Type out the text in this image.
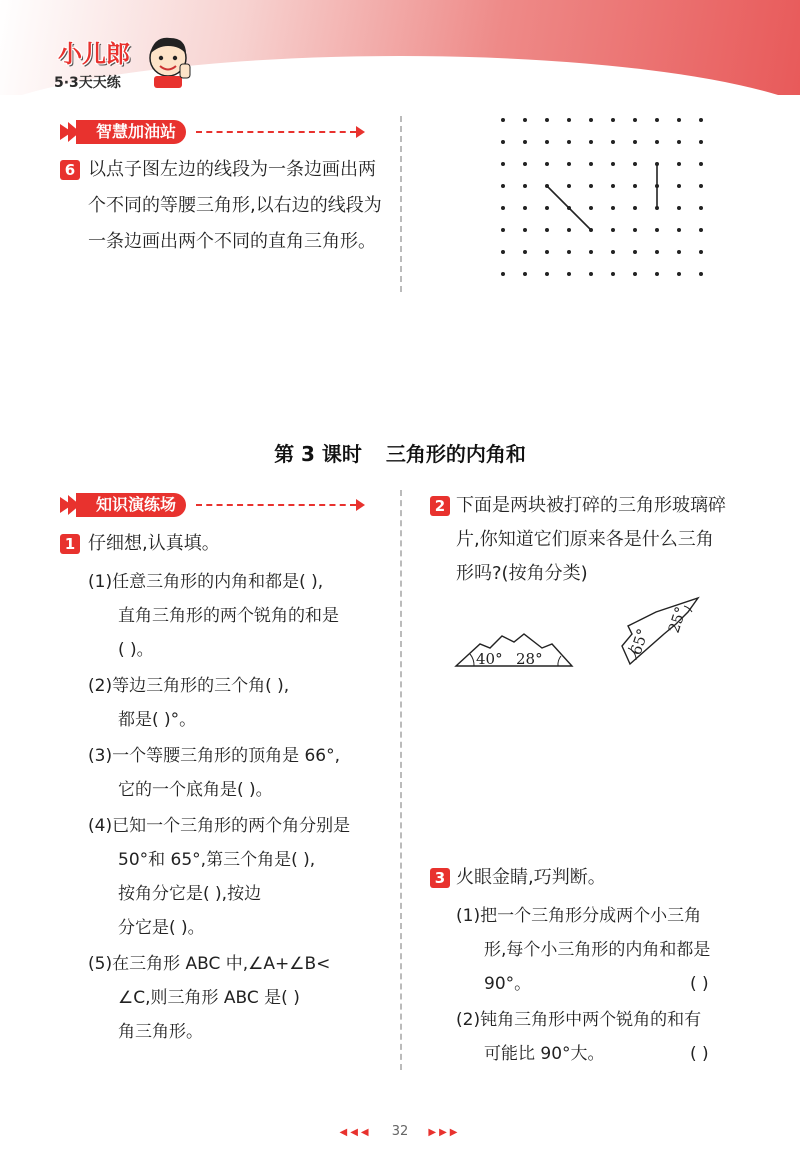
小儿郎
5·3天天练
智慧加油站
6 以点子图左边的线段为一条边画出两个不同的等腰三角形,以右边的线段为一条边画出两个不同的直角三角形。
第 3 课时 三角形的内角和
知识演练场
1 仔细想,认真填。
(1)任意三角形的内角和都是( ),
直角三角形的两个锐角的和是
( )。
(2)等边三角形的三个角( ),
都是( )°。
(3)一个等腰三角形的顶角是 66°,
它的一个底角是( )。
(4)已知一个三角形的两个角分别是
50°和 65°,第三个角是( ),
按角分它是( ),按边
分它是( )。
(5)在三角形 ABC 中,∠A+∠B<
∠C,则三角形 ABC 是( )
角三角形。
2 下面是两块被打碎的三角形玻璃碎
片,你知道它们原来各是什么三角
形吗?(按角分类)
40° 28°
65°
25°
3 火眼金睛,巧判断。
(1)把一个三角形分成两个小三角
形,每个小三角形的内角和都是
90°。	( )
(2)钝角三角形中两个锐角的和有
可能比 90°大。	( )
◀◀◀ 32 ▶▶▶
